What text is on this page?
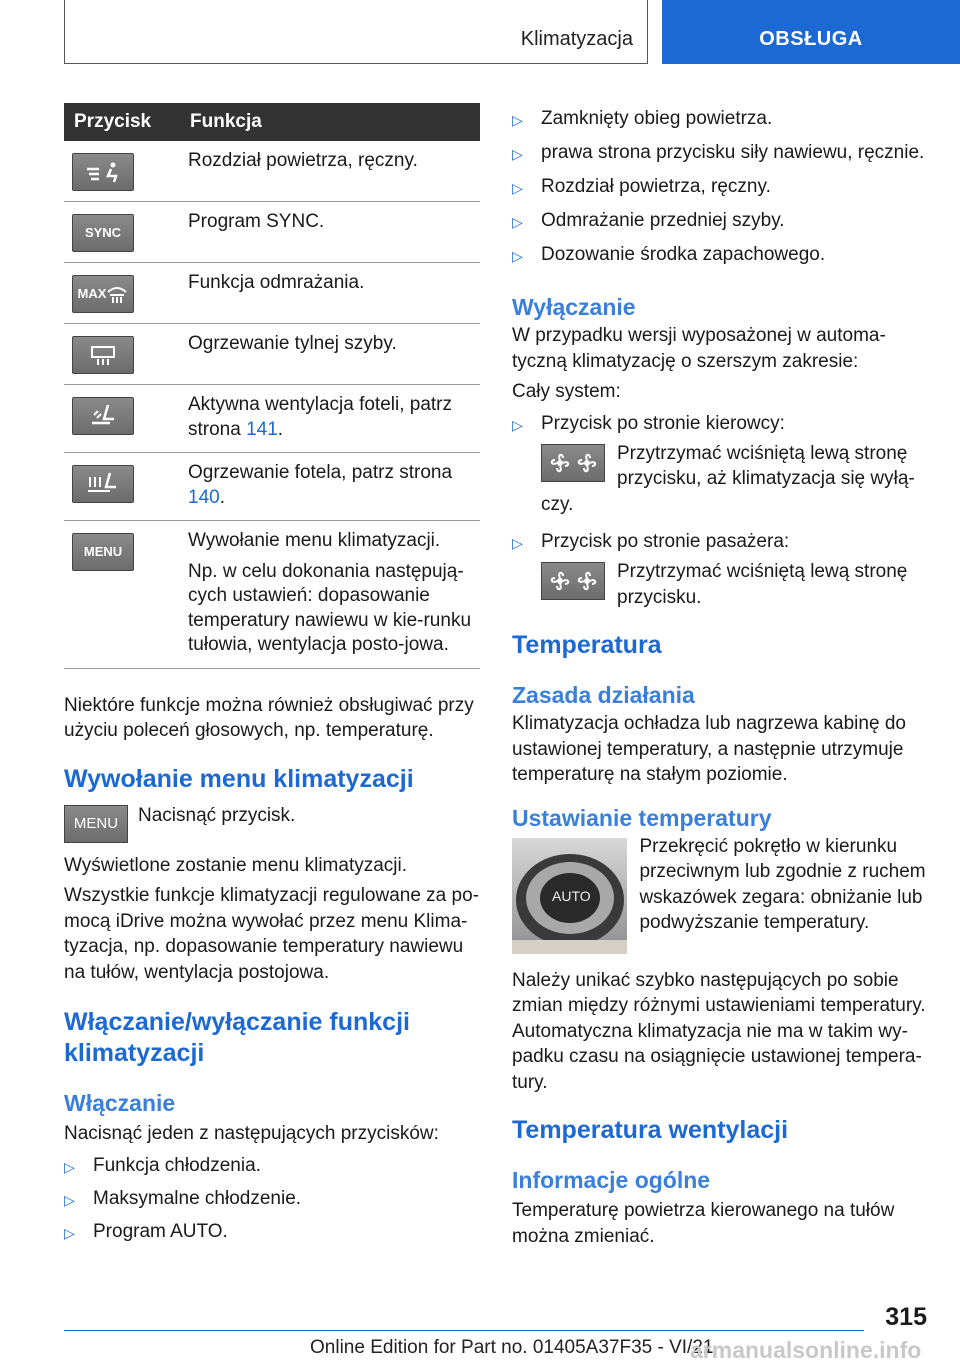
Klimatyzacja	OBSŁUGA
Przycisk	Funkcja

	Rozdział powietrza, ręczny.

SYNC	Program SYNC.

MAX	Funkcja odmrażania.

	Ogrzewanie tylnej szyby.

	Aktywna wentylacja foteli, patrz strona 141.

	Ogrzewanie fotela, patrz strona 140.

MENU	Wywołanie menu klimatyzacji.

Np. w celu dokonania następują-cych ustawień: dopasowanie temperatury nawiewu w kie-runku tułowia, wentylacja posto-jowa.

Niektóre funkcje można również obsługiwać przy użyciu poleceń głosowych, np. temperaturę.

Wywołanie menu klimatyzacji
MENU	Nacisnąć przycisk.

Wyświetlone zostanie menu klimatyzacji.

Wszystkie funkcje klimatyzacji regulowane za po-mocą iDrive można wywołać przez menu Klima-tyzacja, np. dopasowanie temperatury nawiewu na tułów, wentylacja postojowa.

Włączanie/wyłączanie funkcji
klimatyzacji
Włączanie

Nacisnąć jeden z następujących przycisków:

▷ Funkcja chłodzenia.
▷ Maksymalne chłodzenie.
▷ Program AUTO.
▷ Zamknięty obieg powietrza.
▷ prawa strona przycisku siły nawiewu, ręcznie.
▷ Rozdział powietrza, ręczny.
▷ Odmrażanie przedniej szyby.
▷ Dozowanie środka zapachowego.
Wyłączanie

W przypadku wersji wyposażonej w automa-tyczną klimatyzację o szerszym zakresie:

Cały system:

▷ Przycisk po stronie kierowcy:
Przytrzymać wciśniętą lewą stronę
przycisku, aż klimatyzacja się wyłą-

czy.

▷ Przycisk po stronie pasażera:
Przytrzymać wciśniętą lewą stronę
przycisku.
Temperatura
Zasada działania

Klimatyzacja ochładza lub nagrzewa kabinę do ustawionej temperatury, a następnie utrzymuje temperaturę na stałym poziomie.

Ustawianie temperatury
AUTO

Przekręcić pokrętło w kierunku przeciwnym lub zgodnie z ruchem wskazówek zegara: obniżanie lub podwyższanie temperatury.

Należy unikać szybko następujących po sobie zmian między różnymi ustawieniami temperatury. Automatyczna klimatyzacja nie ma w takim wy-padku czasu na osiągnięcie ustawionej tempera-tury.

Temperatura wentylacji
Informacje ogólne

Temperaturę powietrza kierowanego na tułów można zmieniać.

315
Online Edition for Part no. 01405A37F35 - VI/21
armanualsonline.info
